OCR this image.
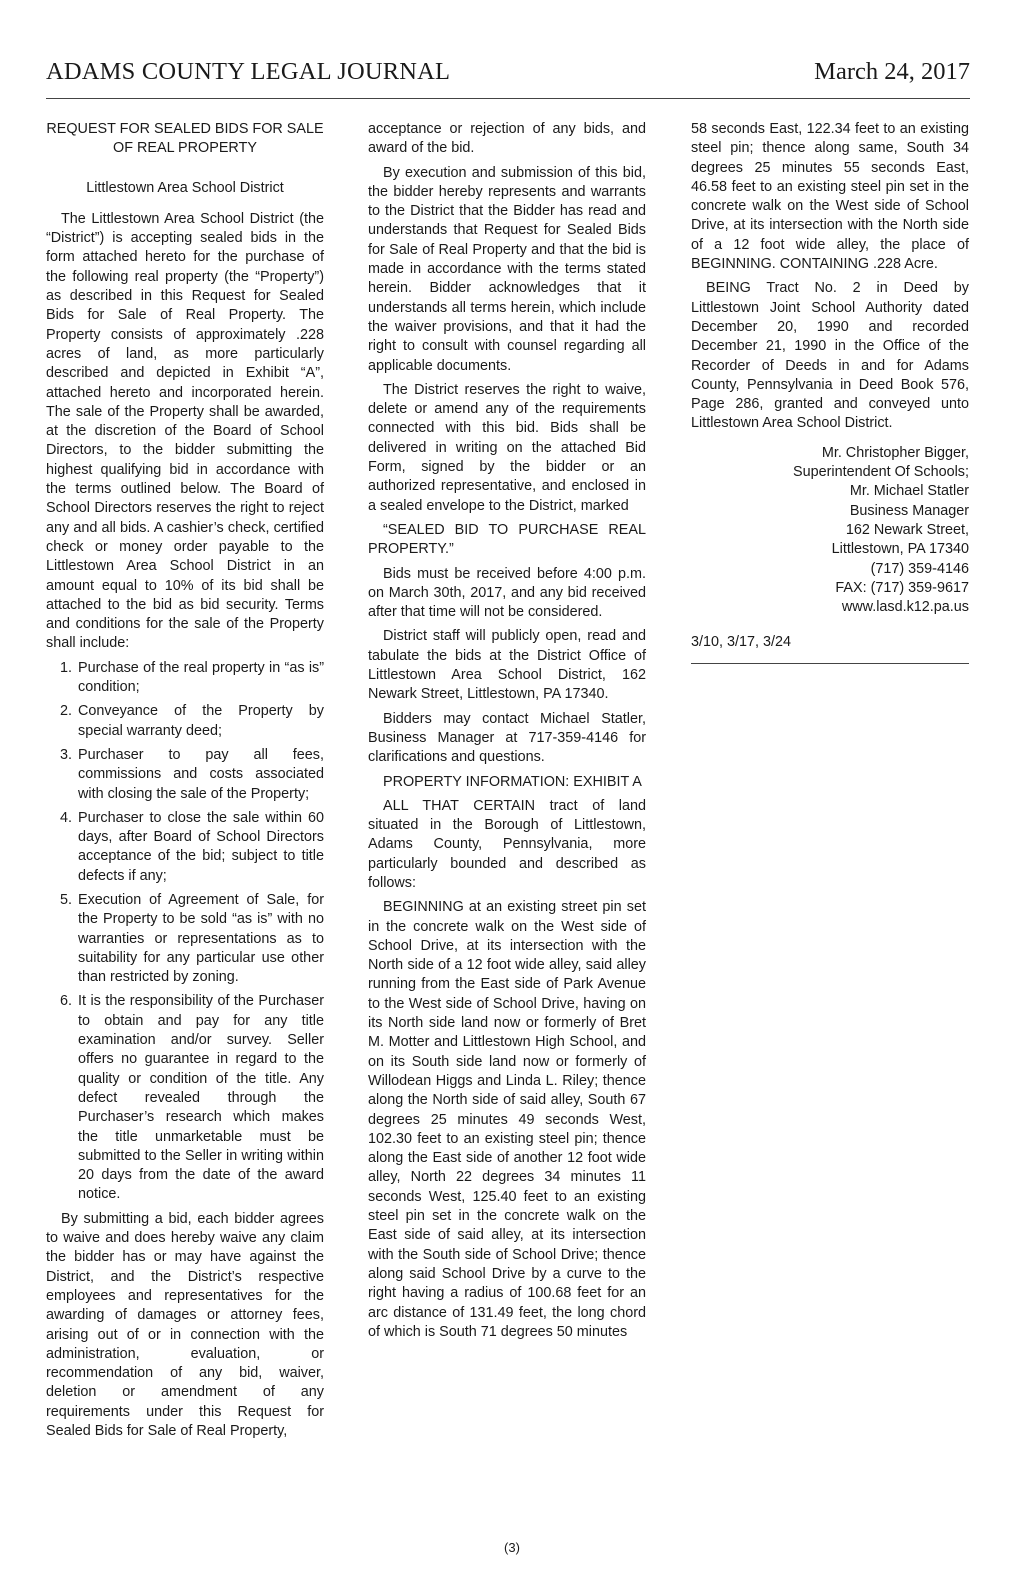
ADAMS COUNTY LEGAL JOURNAL	March 24, 2017
REQUEST FOR SEALED BIDS FOR SALE OF REAL PROPERTY
Littlestown Area School District

The Littlestown Area School District (the “District”) is accepting sealed bids in the form attached hereto for the purchase of the following real property (the “Property”) as described in this Request for Sealed Bids for Sale of Real Property. The Property consists of approximately .228 acres of land, as more particularly described and depicted in Exhibit “A”, attached hereto and incorporated herein. The sale of the Property shall be awarded, at the discretion of the Board of School Directors, to the bidder submitting the highest qualifying bid in accordance with the terms outlined below. The Board of School Directors reserves the right to reject any and all bids. A cashier’s check, certified check or money order payable to the Littlestown Area School District in an amount equal to 10% of its bid shall be attached to the bid as bid security. Terms and conditions for the sale of the Property shall include:

1. Purchase of the real property in “as is” condition;
2. Conveyance of the Property by special warranty deed;
3. Purchaser to pay all fees, commissions and costs associated with closing the sale of the Property;
4. Purchaser to close the sale within 60 days, after Board of School Directors acceptance of the bid; subject to title defects if any;
5. Execution of Agreement of Sale, for the Property to be sold “as is” with no warranties or representations as to suitability for any particular use other than restricted by zoning.
6. It is the responsibility of the Purchaser to obtain and pay for any title examination and/or survey. Seller offers no guarantee in regard to the quality or condition of the title. Any defect revealed through the Purchaser’s research which makes the title unmarketable must be submitted to the Seller in writing within 20 days from the date of the award notice.

By submitting a bid, each bidder agrees to waive and does hereby waive any claim the bidder has or may have against the District, and the District’s respective employees and representatives for the awarding of damages or attorney fees, arising out of or in connection with the administration, evaluation, or recommendation of any bid, waiver, deletion or amendment of any requirements under this Request for Sealed Bids for Sale of Real Property,

acceptance or rejection of any bids, and award of the bid.

By execution and submission of this bid, the bidder hereby represents and warrants to the District that the Bidder has read and understands that Request for Sealed Bids for Sale of Real Property and that the bid is made in accordance with the terms stated herein. Bidder acknowledges that it understands all terms herein, which include the waiver provisions, and that it had the right to consult with counsel regarding all applicable documents.

The District reserves the right to waive, delete or amend any of the requirements connected with this bid. Bids shall be delivered in writing on the attached Bid Form, signed by the bidder or an authorized representative, and enclosed in a sealed envelope to the District, marked

“SEALED BID TO PURCHASE REAL PROPERTY.”

Bids must be received before 4:00 p.m. on March 30th, 2017, and any bid received after that time will not be considered.

District staff will publicly open, read and tabulate the bids at the District Office of Littlestown Area School District, 162 Newark Street, Littlestown, PA 17340.

Bidders may contact Michael Statler, Business Manager at 717-359-4146 for clarifications and questions.

PROPERTY INFORMATION: EXHIBIT A

ALL THAT CERTAIN tract of land situated in the Borough of Littlestown, Adams County, Pennsylvania, more particularly bounded and described as follows:

BEGINNING at an existing street pin set in the concrete walk on the West side of School Drive, at its intersection with the North side of a 12 foot wide alley, said alley running from the East side of Park Avenue to the West side of School Drive, having on its North side land now or formerly of Bret M. Motter and Littlestown High School, and on its South side land now or formerly of Willodean Higgs and Linda L. Riley; thence along the North side of said alley, South 67 degrees 25 minutes 49 seconds West, 102.30 feet to an existing steel pin; thence along the East side of another 12 foot wide alley, North 22 degrees 34 minutes 11 seconds West, 125.40 feet to an existing steel pin set in the concrete walk on the East side of said alley, at its intersection with the South side of School Drive; thence along said School Drive by a curve to the right having a radius of 100.68 feet for an arc distance of 131.49 feet, the long chord of which is South 71 degrees 50 minutes

58 seconds East, 122.34 feet to an existing steel pin; thence along same, South 34 degrees 25 minutes 55 seconds East, 46.58 feet to an existing steel pin set in the concrete walk on the West side of School Drive, at its intersection with the North side of a 12 foot wide alley, the place of BEGINNING. CONTAINING .228 Acre.

BEING Tract No. 2 in Deed by Littlestown Joint School Authority dated December 20, 1990 and recorded December 21, 1990 in the Office of the Recorder of Deeds in and for Adams County, Pennsylvania in Deed Book 576, Page 286, granted and conveyed unto Littlestown Area School District.

Mr. Christopher Bigger,
Superintendent Of Schools;
Mr. Michael Statler
Business Manager
162 Newark Street,
Littlestown, PA 17340
(717) 359-4146
FAX: (717) 359-9617
www.lasd.k12.pa.us
3/10, 3/17, 3/24
(3)
